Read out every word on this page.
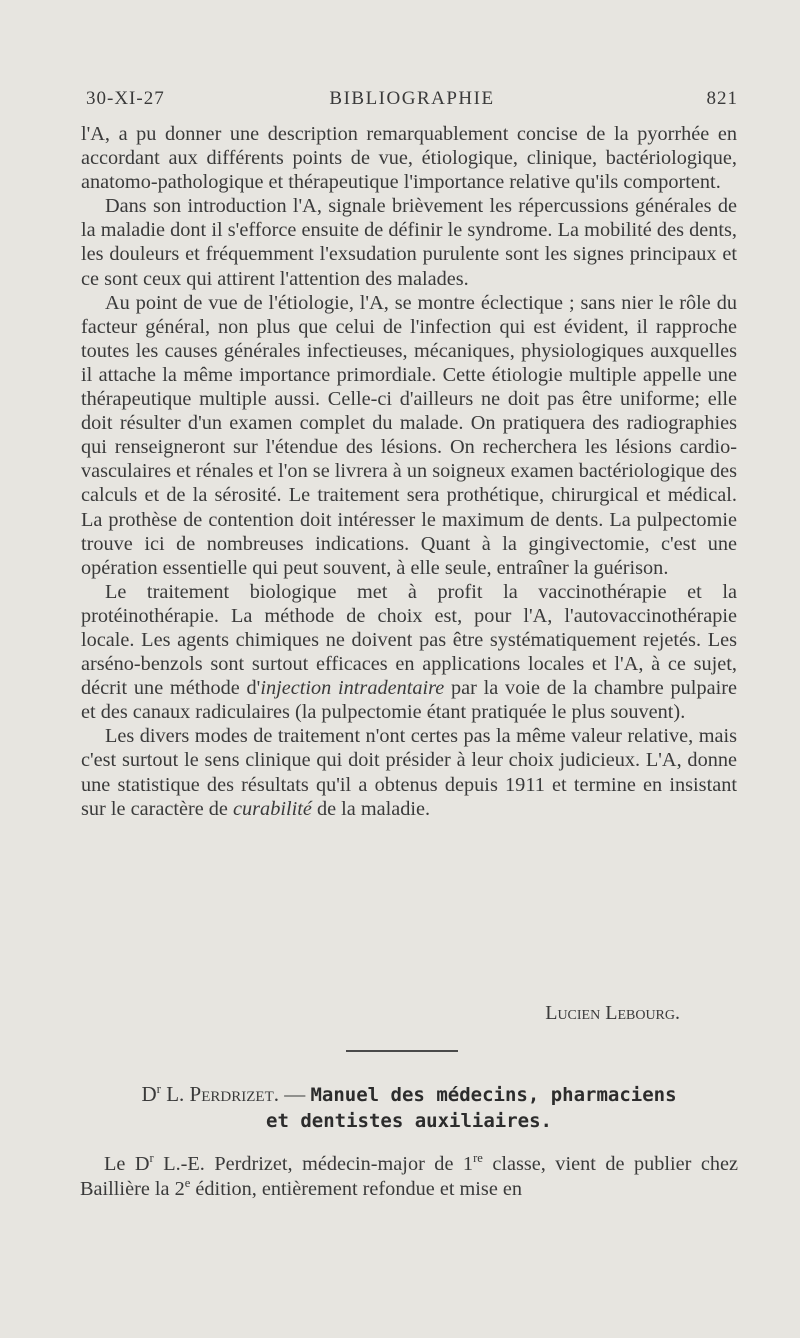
30-XI-27	BIBLIOGRAPHIE	821

l'A, a pu donner une description remarquablement concise de la pyorrhée en accordant aux différents points de vue, étiologique, clinique, bactériologique, anatomo-pathologique et thérapeutique l'importance relative qu'ils comportent.

Dans son introduction l'A, signale brièvement les répercussions générales de la maladie dont il s'efforce ensuite de définir le syndrome. La mobilité des dents, les douleurs et fréquemment l'exsudation purulente sont les signes principaux et ce sont ceux qui attirent l'attention des malades.

Au point de vue de l'étiologie, l'A, se montre éclectique ; sans nier le rôle du facteur général, non plus que celui de l'infection qui est évident, il rapproche toutes les causes générales infectieuses, mécaniques, physiologiques auxquelles il attache la même importance primordiale. Cette étiologie multiple appelle une thérapeutique multiple aussi. Celle-ci d'ailleurs ne doit pas être uniforme; elle doit résulter d'un examen complet du malade. On pratiquera des radiographies qui renseigneront sur l'étendue des lésions. On recherchera les lésions cardio-vasculaires et rénales et l'on se livrera à un soigneux examen bactériologique des calculs et de la sérosité. Le traitement sera prothétique, chirurgical et médical. La prothèse de contention doit intéresser le maximum de dents. La pulpectomie trouve ici de nombreuses indications. Quant à la gingivectomie, c'est une opération essentielle qui peut souvent, à elle seule, entraîner la guérison.

Le traitement biologique met à profit la vaccinothérapie et la protéinothérapie. La méthode de choix est, pour l'A, l'autovaccinothérapie locale. Les agents chimiques ne doivent pas être systématiquement rejetés. Les arséno-benzols sont surtout efficaces en applications locales et l'A, à ce sujet, décrit une méthode d'injection intradentaire par la voie de la chambre pulpaire et des canaux radiculaires (la pulpectomie étant pratiquée le plus souvent).

Les divers modes de traitement n'ont certes pas la même valeur relative, mais c'est surtout le sens clinique qui doit présider à leur choix judicieux. L'A, donne une statistique des résultats qu'il a obtenus depuis 1911 et termine en insistant sur le caractère de curabilité de la maladie.

Lucien Lebourg.
$D^r$ L. Perdrizet. — Manuel des médecins, pharmaciens
et dentistes auxiliaires.

Le $D^r$ L.-E. Perdrizet, médecin-major de 1re classe, vient de publier chez Baillière la 2e édition, entièrement refondue et mise en
